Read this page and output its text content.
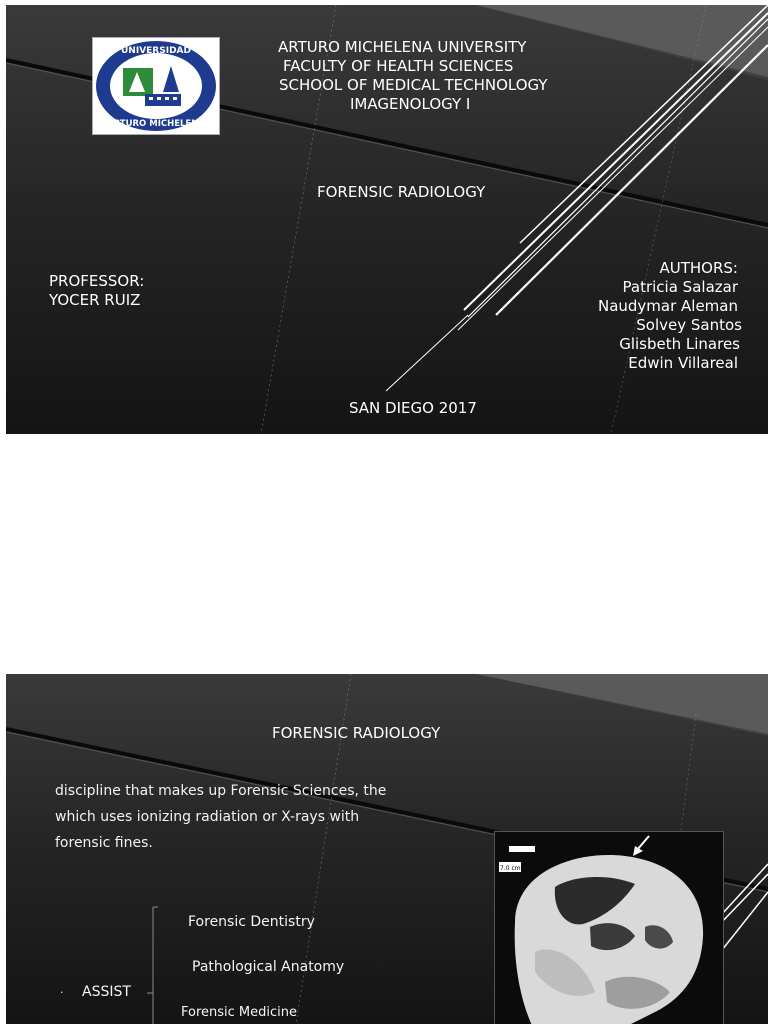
UNIVERSIDAD
ARTURO MICHELENA
ARTURO MICHELENA UNIVERSITY
FACULTY OF HEALTH SCIENCES
SCHOOL OF MEDICAL TECHNOLOGY
IMAGENOLOGY I
FORENSIC RADIOLOGY
PROFESSOR:
YOCER RUIZ
AUTHORS:
Patricia Salazar
Naudymar Aleman
Solvey Santos
Glisbeth Linares
Edwin Villareal
SAN DIEGO 2017
FORENSIC RADIOLOGY
discipline that makes up Forensic Sciences, the
which uses ionizing radiation or X-rays with
forensic fines.
. ASSIST
Forensic Dentistry
Pathological Anatomy
Forensic Medicine
7.0 cm
